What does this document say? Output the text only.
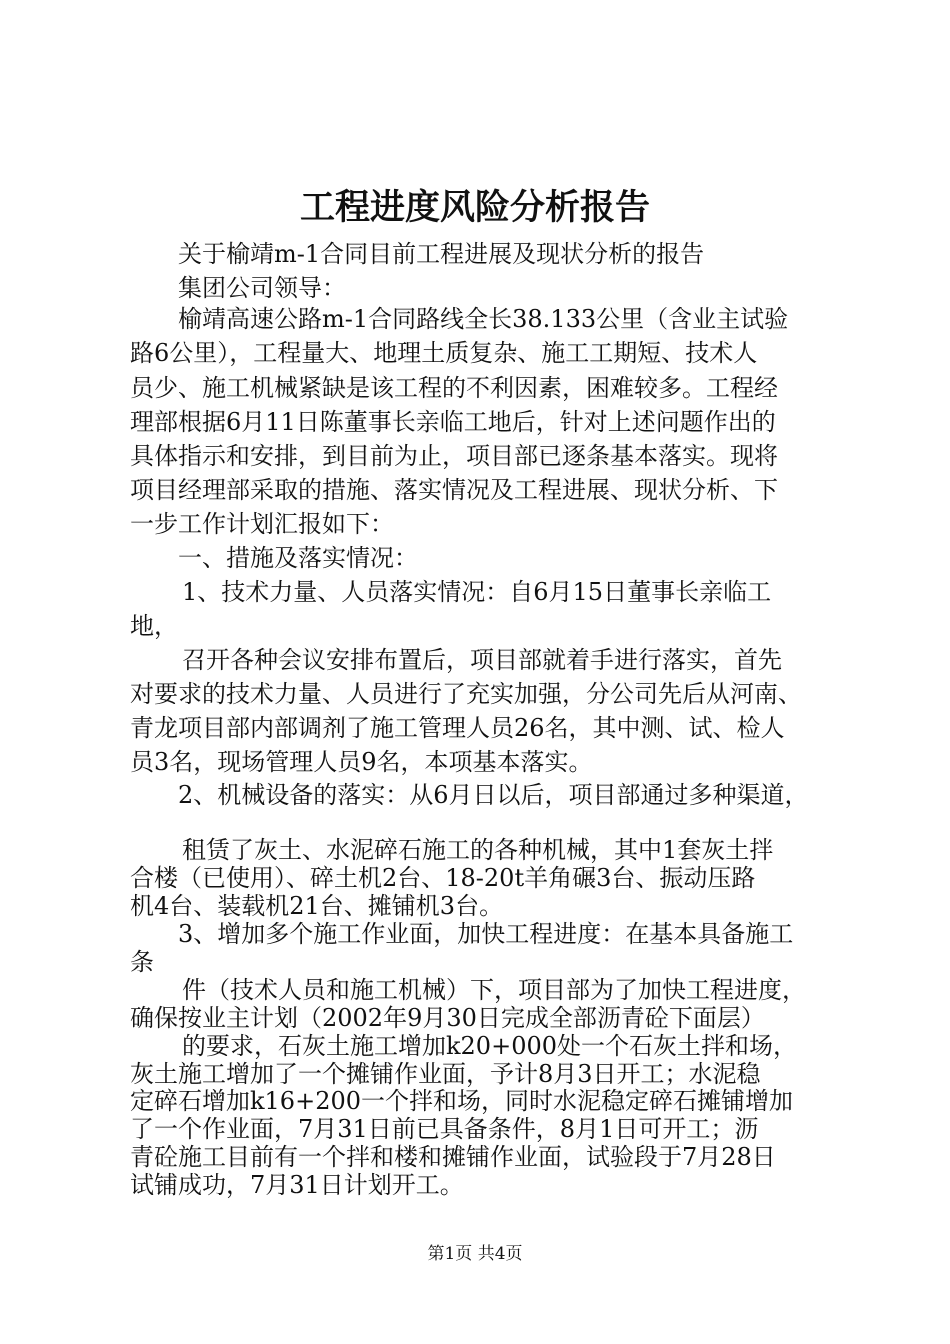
工程进度风险分析报告
关于榆靖m-1合同目前工程进展及现状分析的报告
集团公司领导：
榆靖高速公路m-1合同路线全长38.133公里（含业主试验
路6公里），工程量大、地理土质复杂、施工工期短、技术人
员少、施工机械紧缺是该工程的不利因素，困难较多。工程经
理部根据6月11日陈董事长亲临工地后，针对上述问题作出的
具体指示和安排，到目前为止，项目部已逐条基本落实。现将
项目经理部采取的措施、落实情况及工程进展、现状分析、下
一步工作计划汇报如下：
一、措施及落实情况：
1、技术力量、人员落实情况：自6月15日董事长亲临工
地，
召开各种会议安排布置后，项目部就着手进行落实，首先
对要求的技术力量、人员进行了充实加强，分公司先后从河南、
青龙项目部内部调剂了施工管理人员26名，其中测、试、检人
员3名，现场管理人员9名，本项基本落实。
2、机械设备的落实：从6月日以后，项目部通过多种渠道，
租赁了灰土、水泥碎石施工的各种机械，其中1套灰土拌
合楼（已使用）、碎土机2台、18-20t羊角碾3台、振动压路
机4台、装载机21台、摊铺机3台。
3、增加多个施工作业面，加快工程进度：在基本具备施工
条
件（技术人员和施工机械）下，项目部为了加快工程进度，
确保按业主计划（2002年9月30日完成全部沥青砼下面层）
的要求，石灰土施工增加k20+000处一个石灰土拌和场，
灰土施工增加了一个摊铺作业面，予计8月3日开工；水泥稳
定碎石增加k16+200一个拌和场，同时水泥稳定碎石摊铺增加
了一个作业面，7月31日前已具备条件，8月1日可开工；沥
青砼施工目前有一个拌和楼和摊铺作业面，试验段于7月28日
试铺成功，7月31日计划开工。
第1页 共4页
